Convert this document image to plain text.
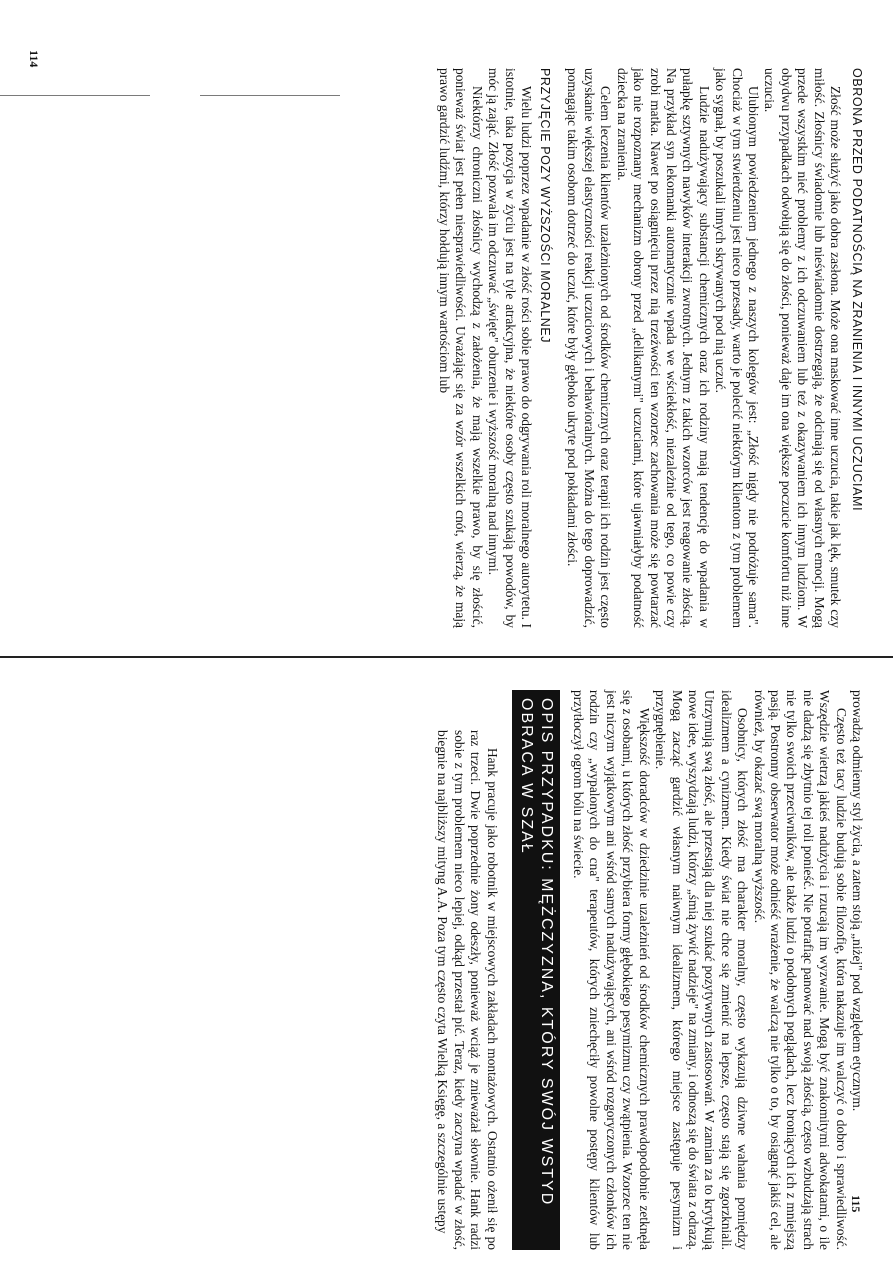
OBRONA PRZED PODATNOŚCIĄ NA ZRANIENIA I INNYMI UCZUCIAMI

Złość może służyć jako dobra zasłona. Może ona maskować inne uczucia, takie jak lęk, smutek czy miłość. Złośnicy świadomie lub nieświadomie dostrzegają, że odcinają się od własnych emocji. Mogą przede wszystkim nieć problemy z ich odczuwaniem lub też z okazywaniem ich innym ludziom. W obydwu przypadkach odwołują się do złości, ponieważ daje im ona większe poczucie komfortu niż inne uczucia.

Ulubionym powiedzeniem jednego z naszych kolegów jest: „Złość nigdy nie podróżuje sama". Chociaż w tym stwierdzeniu jest nieco przesady, warto je polecić niektórym klientom z tym problemem jako sygnał, by poszukali innych skrywanych pod nią uczuć.

Ludzie nadużywający substancji chemicznych oraz ich rodziny mają tendencję do wpadania w pułapkę sztywnych nawyków interakcji zwrotnych. Jednym z takich wzorców jest reagowanie złością. Na przykład syn lekomanki automatycznie wpada we wściekłość, niezależnie od tego, co powie czy zrobi matka. Nawet po osiągnięciu przez nią trzeźwości ten wzorzec zachowania może się powtarzać jako nie rozpoznany mechanizm obrony przed „delikatnymi" uczuciami, które ujawniałyby podatność dziecka na zranienia.

Celem leczenia klientów uzależnionych od środków chemicznych oraz terapii ich rodzin jest często uzyskanie większej elastyczności reakcji uczuciowych i behawioralnych. Można do tego doprowadzić, pomagając takim osobom dotrzeć do uczuć, które były głęboko ukryte pod pokładami złości.

PRZYJĘCIE POZY WYŻSZOŚCI MORALNEJ

Wielu ludzi poprzez wpadanie w złość rości sobie prawo do odgrywania roli moralnego autorytetu. I istotnie, taka pozycja w życiu jest na tyle atrakcyjna, że niektóre osoby często szukają powodów, by móc ją zająć. Złość pozwala im odczuwać „święte" oburzenie i wyższość moralną nad innymi.

Niektórzy chronicznі złośnicy wychodzą z założenia, że mają wszelkie prawo, by się złościć, ponieważ świat jest pełen niesprawiedliwości. Uważając się za wzór wszelkich cnót, wierzą, że mają prawo gardzić ludźmi, którzy hołdują innym wartościom lub

114

prowadzą odmienny styl życia, a zatem stoją „niżej" pod względem etycznym.

Często też tacy ludzie budują sobie filozofię, która nakazuje im walczyć o dobro i sprawiedliwość. Wszędzie wietrzą jakieś nadużycia i rzucają im wyzwanie. Mogą być znakomitymi adwokatami, o ile nie dadzą się zbytnio tej roli ponieść. Nie potrafiąc panować nad swoją złością, często wzbudzają strach nie tylko swoich przeciwników, ale także ludzi o podobnych poglądach, lecz broniących ich z mniejszą pasją. Postronny obserwator może odnieść wrażenie, że walczą nie tylko o to, by osiągnąć jakiś cel, ale również, by okazać swą moralną wyższość.

Osobnicy, których złość ma charakter moralny, często wykazują dziwne wahania pomiędzy idealizmem a cynizmem. Kiedy świat nie chce się zmienić na lepsze, często stają się zgorzkniali. Utrzymują swą złość, ale przestają dla niej szukać pozytywnych zastosowań. W zamian za to krytykują nowe idee, wyszydzają ludzi, którzy „śmią żywić nadzieje" na zmiany, i odnoszą się do świata z odrazą. Mogą zacząć gardzić własnym naiwnym idealizmem, którego miejsce zastępuje pesymizm i przygnębienie.

Większość doradców w dziedzinie uzależnień od środków chemicznych prawdopodobnie zetknęła się z osobami, u których złość przybiera formy głębokiego pesymizmu czy zwątpienia. Wzorzec ten nie jest niczym wyjątkowym ani wśród samych nadużywających, ani wśród rozgoryczonych członków ich rodzin czy „wypalonych do cna" terapeutów, których zniechęciły powolne postępy klientów lub przytłoczył ogrom bólu na świecie.

OPIS PRZYPADKU: MĘŻCZYZNA, KTÓRY SWÓJ WSTYD OBRACA W SZAŁ

Hank pracuje jako robotnik w miejscowych zakładach montażowych. Ostatnio ożenił się po raz trzeci. Dwie poprzednie żony odeszły, ponieważ wciąż je znieważał słownie. Hank radzi sobie z tym problemem nieco lepiej, odkąd przestał pić. Teraz, kiedy zaczyna wpadać w złość, biegnie na najbliższy mityng A.A. Poza tym często czyta Wielką Księgę, a szczególnie ustępy	115
